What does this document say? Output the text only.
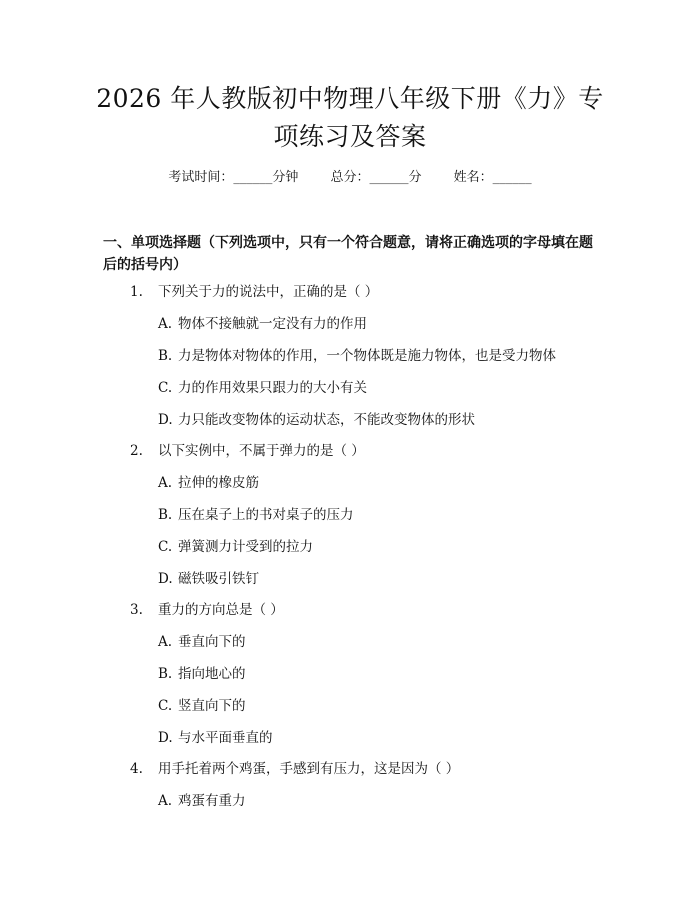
2026 年人教版初中物理八年级下册《力》专
项练习及答案
考试时间：______分钟 总分：______分 姓名：______
一、单项选择题（下列选项中，只有一个符合题意，请将正确选项的字母填在题后的括号内）
1. 下列关于力的说法中，正确的是（ ）
A. 物体不接触就一定没有力的作用
B. 力是物体对物体的作用，一个物体既是施力物体，也是受力物体
C. 力的作用效果只跟力的大小有关
D. 力只能改变物体的运动状态，不能改变物体的形状
2. 以下实例中，不属于弹力的是（ ）
A. 拉伸的橡皮筋
B. 压在桌子上的书对桌子的压力
C. 弹簧测力计受到的拉力
D. 磁铁吸引铁钉
3. 重力的方向总是（ ）
A. 垂直向下的
B. 指向地心的
C. 竖直向下的
D. 与水平面垂直的
4. 用手托着两个鸡蛋，手感到有压力，这是因为（ ）
A. 鸡蛋有重力
